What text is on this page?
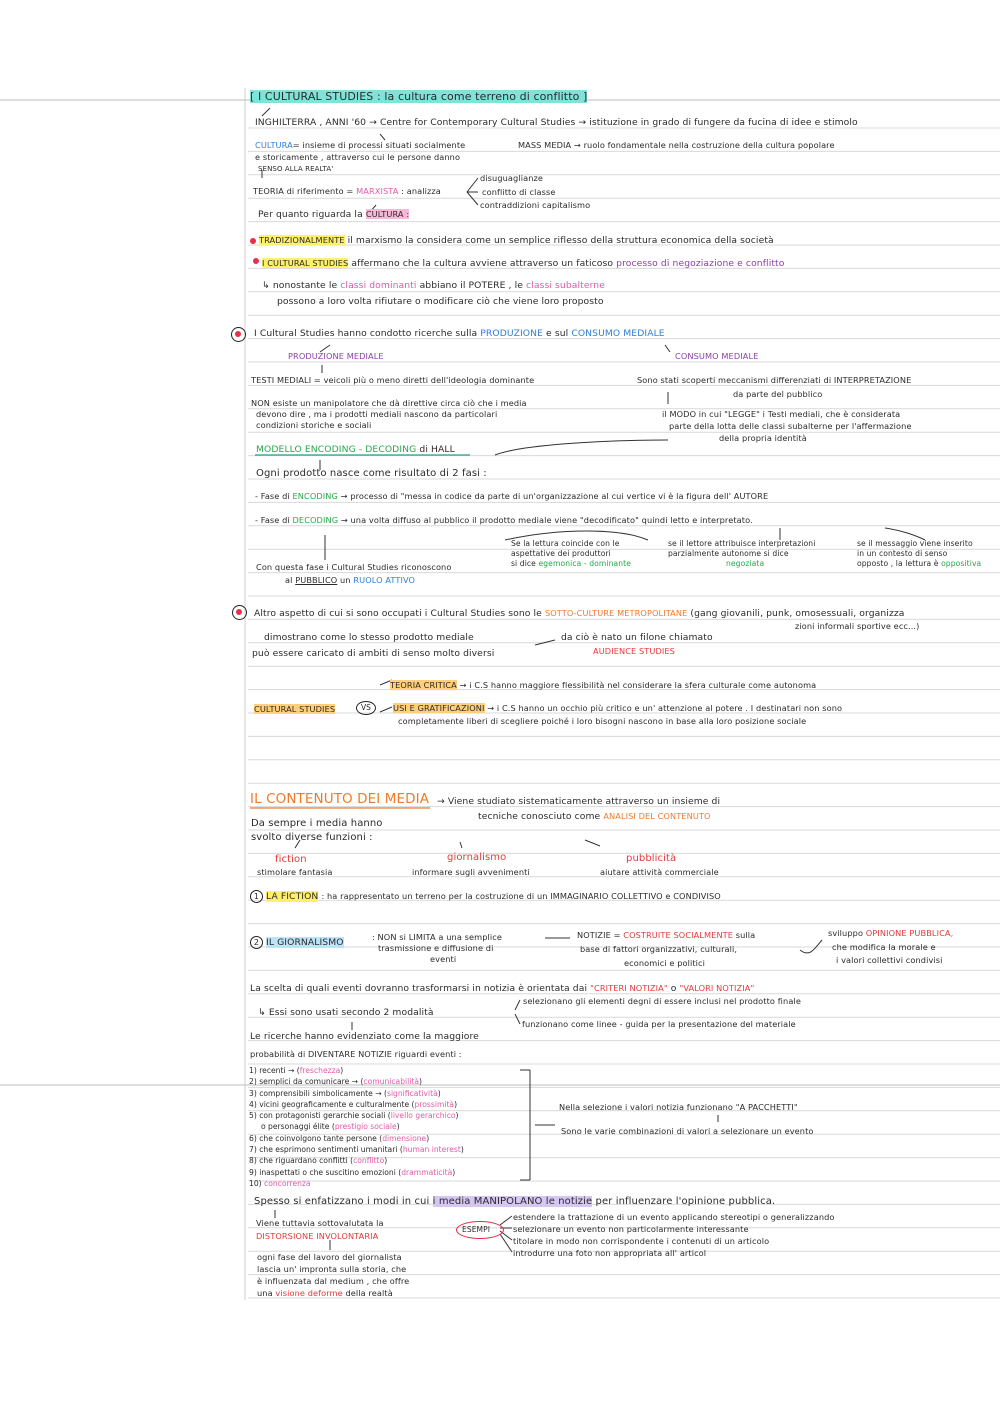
[ I CULTURAL STUDIES : la cultura come terreno di conflitto ]
INGHILTERRA , ANNI '60 → Centre for Contemporary Cultural Studies → istituzione in grado di fungere da fucina di idee e stimolo
CULTURA= insieme di processi situati socialmente
e storicamente , attraverso cui le persone danno
SENSO ALLA REALTA'
MASS MEDIA → ruolo fondamentale nella costruzione della cultura popolare
TEORIA di riferimento = MARXISTA : analizza
disuguaglianze
conflitto di classe
contraddizioni capitalismo
Per quanto riguarda la CULTURA :
TRADIZIONALMENTE il marxismo la considera come un semplice riflesso della struttura economica della società
I CULTURAL STUDIES affermano che la cultura avviene attraverso un faticoso processo di negoziazione e conflitto
↳ nonostante le classi dominanti abbiano il POTERE , le classi subalterne
possono a loro volta rifiutare o modificare ciò che viene loro proposto
I Cultural Studies hanno condotto ricerche sulla PRODUZIONE e sul CONSUMO MEDIALE
PRODUZIONE MEDIALE	CONSUMO MEDIALE
TESTI MEDIALI = veicoli più o meno diretti dell'ideologia dominante
NON esiste un manipolatore che dà direttive circa ciò che i media
devono dire , ma i prodotti mediali nascono da particolari
condizioni storiche e sociali
Sono stati scoperti meccanismi differenziati di INTERPRETAZIONE
da parte del pubblico
il MODO in cui "LEGGE" i Testi mediali, che è considerata
parte della lotta delle classi subalterne per l'affermazione
della propria identità
MODELLO ENCODING - DECODING di HALL
Ogni prodotto nasce come risultato di 2 fasi :
- Fase di ENCODING → processo di "messa in codice da parte di un'organizzazione al cui vertice vi è la figura dell' AUTORE
- Fase di DECODING → una volta diffuso al pubblico il prodotto mediale viene "decodificato" quindi letto e interpretato.
Se la lettura coincide con le
aspettative dei produttori
si dice egemonica - dominante
se il lettore attribuisce interpretazioni
parzialmente autonome si dice
negoziata
se il messaggio viene inserito
in un contesto di senso
opposto , la lettura è oppositiva
Con questa fase i Cultural Studies riconoscono
al PUBBLICO un RUOLO ATTIVO
Altro aspetto di cui si sono occupati i Cultural Studies sono le SOTTO-CULTURE METROPOLITANE (gang giovanili, punk, omosessuali, organizza
zioni informali sportive ecc...)
dimostrano come lo stesso prodotto mediale
può essere caricato di ambiti di senso molto diversi
da ciò è nato un filone chiamato
AUDIENCE STUDIES
TEORIA CRITICA → i C.S hanno maggiore flessibilità nel considerare la sfera culturale come autonoma
CULTURAL STUDIES	VS	USI E GRATIFICAZIONI → i C.S hanno un occhio più critico e un' attenzione al potere . I destinatari non sono
completamente liberi di scegliere poiché i loro bisogni nascono in base alla loro posizione sociale
IL CONTENUTO DEI MEDIA → Viene studiato sistematicamente attraverso un insieme di
tecniche conosciuto come ANALISI DEL CONTENUTO
Da sempre i media hanno
svolto diverse funzioni :
fiction
stimolare fantasia
giornalismo
informare sugli avvenimenti
pubblicità
aiutare attività commerciale
1 LA FICTION : ha rappresentato un terreno per la costruzione di un IMMAGINARIO COLLETTIVO e CONDIVISO
2 IL GIORNALISMO	: NON si LIMITA a una semplice
trasmissione e diffusione di
eventi
NOTIZIE = COSTRUITE SOCIALMENTE sulla
base di fattori organizzativi, culturali,
economici e politici
sviluppo OPINIONE PUBBLICA,
che modifica la morale e
i valori collettivi condivisi
La scelta di quali eventi dovranno trasformarsi in notizia è orientata dai "CRITERI NOTIZIA" o "VALORI NOTIZIA"
↳ Essi sono usati secondo 2 modalità
selezionano gli elementi degni di essere inclusi nel prodotto finale
funzionano come linee - guida per la presentazione del materiale
Le ricerche hanno evidenziato come la maggiore
probabilità di DIVENTARE NOTIZIE riguardi eventi :
1) recenti → (freschezza)
2) semplici da comunicare → (comunicabilità)
3) comprensibili simbolicamente → (significatività)
4) vicini geograficamente e culturalmente (prossimità)
5) con protagonisti gerarchie sociali (livello gerarchico)
o personaggi élite (prestigio sociale)
6) che coinvolgono tante persone (dimensione)
7) che esprimono sentimenti umanitari (human interest)
8) che riguardano conflitti (conflitto)
9) inaspettati o che suscitino emozioni (drammaticità)
10) concorrenza
Nella selezione i valori notizia funzionano "A PACCHETTI"
Sono le varie combinazioni di valori a selezionare un evento
Spesso si enfatizzano i modi in cui i media MANIPOLANO le notizie per influenzare l'opinione pubblica.
Viene tuttavia sottovalutata la
DISTORSIONE INVOLONTARIA
ESEMPI
estendere la trattazione di un evento applicando stereotipi o generalizzando
selezionare un evento non particolarmente interessante
titolare in modo non corrispondente i contenuti di un articolo
introdurre una foto non appropriata all' articol
ogni fase del lavoro del giornalista
lascia un' impronta sulla storia, che
è influenzata dal medium , che offre
una visione deforme della realtà
